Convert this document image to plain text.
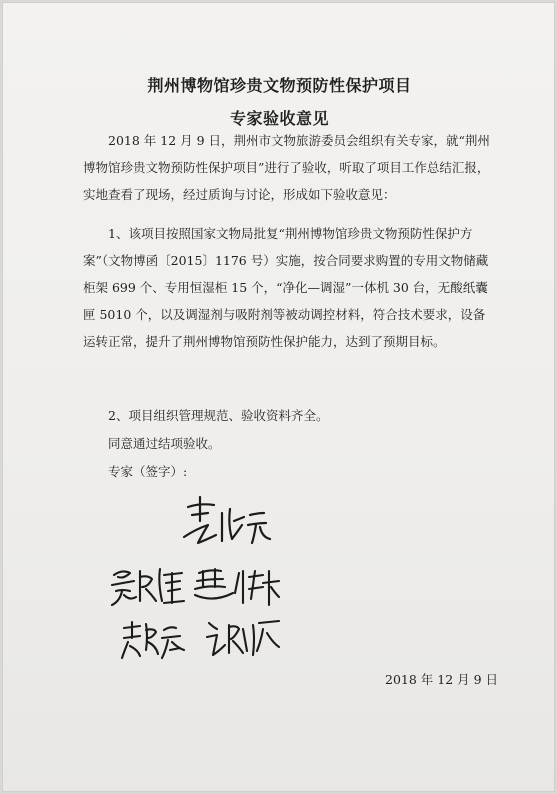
荆州博物馆珍贵文物预防性保护项目
专家验收意见

2018 年 12 月 9 日，荆州市文物旅游委员会组织有关专家，就“荆州博物馆珍贵文物预防性保护项目”进行了验收，听取了项目工作总结汇报，实地查看了现场，经过质询与讨论，形成如下验收意见：

1、该项目按照国家文物局批复“荆州博物馆珍贵文物预防性保护方案”（文物博函〔2015〕1176 号）实施，按合同要求购置的专用文物储藏柜架 699 个、专用恒湿柜 15 个，“净化—调湿”一体机 30 台，无酸纸囊匣 5010 个，以及调湿剂与吸附剂等被动调控材料，符合技术要求，设备运转正常，提升了荆州博物馆预防性保护能力，达到了预期目标。

2、项目组织管理规范、验收资料齐全。
同意通过结项验收。
专家（签字）:
2018 年 12 月 9 日
